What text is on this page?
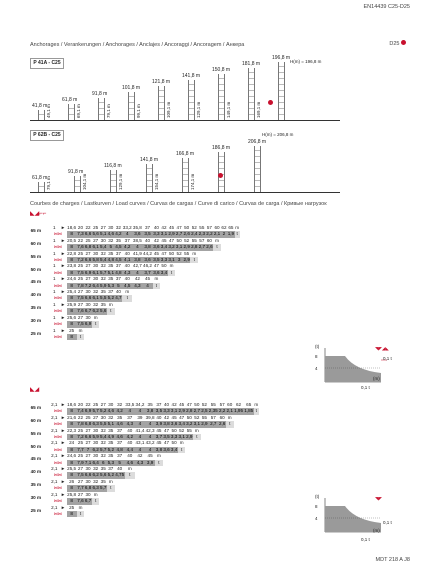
EN14439 C25-D25
Anchorages / Verankerungen / Anchorages / Anclajes / Ancoraggi / Ancoragem / Анкера	D25
P 41A - C25
41,8 m
49,1 m
61,8 m
69,1 m
91,8 m
79,1 m
101,8 m
99,1 m
121,8 m
109,1 m
141,8 m
129,1 m
150,8 m
149,1 m
181,8 m
169,1 m
196,8 m
H(m) = 196,8 m
P 62B - C25
61,8 m
79,1 m
91,8 m
104,1 m
116,8 m
129,1 m
141,8 m
154,1 m
166,8 m
174,1 m
186,8 m
206,8 m
H(m) = 206,8 m
Courbes de charges / Lastkurven / Load curves / Curvas de cargas / Curve di carico / Curvas de carga / Кривые нагрузок
◣◢⌐⌐
65 m	1	►	18,6	20	22	25	27	30	32	33,2	35,8	37	40	42	45	47	50	52	55	57	60	62	65	m
	⋈⋈		8	7,3	6,6	5,6	5,1	4,6	4,2	4	3,6	3,5	3,3	3,1	2,9	2,7	2,6	2,4	2,3	2,2	2,1	2	1,9	t
60 m	1	►	20,5	22	25	27	30	32	35	37	38,5	40	42	45	47	50	52	55	57	60	m			
	⋈⋈		8	7,6	6,8	6,1	5,4	5	4,5	4,2	4	3,8	3,6	3,4	3,2	3,1	2,9	2,8	2,7	2,6	t			
55 m	1	►	22,8	25	27	30	32	35	37	40	41,9	44,2	45	47	50	52	55	m						
	⋈⋈		8	7,2	6,6	5,8	5,4	4,8	4,5	4,1	3,8	3,6	3,5	3,3	3,1	3	2,9	t						
50 m	1	►	23,8	25	27	30	32	35	37	40	42,7	46,2	47	50	m									
	⋈⋈		8	7,5	6,9	6,1	5,7	5,1	4,8	4,3	4	3,7	3,6	3,4	t									
45 m	1	►	24,6	25	27	30	32	35	37	40	42	45	m											
	⋈⋈		8	7,8	7,2	6,4	5,9	5,3	5	4,5	4,3	4	t											
40 m	1	►	25,4	27	30	32	35	37	40	m														
	⋈⋈		8	7,5	6,6	6,1	5,5	5,2	4,7	t														
35 m	1	►	25,9	27	30	32	35	m																
	⋈⋈		8	7,6	6,7	6,2	5,6	t																
30 m	1	►	25,6	27	30	m																		
	⋈⋈		8	7,5	6,9	t																		
25 m	1	►	25	m																				
	⋈⋈		8	t																				
◣◢
65 m	2,1	►	18,6	20	22	25	27	30	32	33,5	34,2	35	37	40	42	45	47	50	52	55	57	60	62	65	m
	⋈⋈		8	7,4	6,9	5,7	5,2	4,6	4,2	4	4	3,8	3,5	3,3	3,1	2,9	2,8	2,7	2,5	2,35	2,2	2,1	1,95	1,85	t
60 m	2,1	►	21,6	22	25	27	30	32	35	37	39	39,8	40	42	45	47	50	52	55	57	60	m			
	⋈⋈		8	7,8	6,8	6,3	5,5	5,1	4,6	4,3	4	4	3,9	3,8	3,6	3,4	3,2	3,1	2,9	2,7	2,6	t			
55 m	2,1	►	22,3	25	27	30	32	35	37	40	41,4	42,3	45	47	50	52	55	m							
	⋈⋈		8	7,2	6,6	5,9	5,4	4,9	4,6	4,2	4	4	3,7	3,5	3,3	3,1	2,9	t							
50 m	2,1	►	24	25	27	30	32	35	37	40	43,1	43,2	45	47	50	m									
	⋈⋈		8	7,7	7	6,2	5,7	5,2	4,8	4,4	4	4	3,8	3,6	3,4	t									
45 m	2,1	►	24,6	25	27	30	32	35	37	40	42	45	m												
	⋈⋈		8	7,9	7,1	6,4	6	5,3	5	4,6	4,3	3,9	t												
40 m	2,1	►	25,5	27	30	32	35	37	40	m															
	⋈⋈		8	7,5	6,6	6,2	5,6	5,2	4,75	t															
35 m	2,1	►	26	27	30	32	35	m																	
	⋈⋈		8	7,7	6,8	6,3	5,7	t																	
30 m	2,1	►	25,8	27	30	m																			
	⋈⋈		8	7,6	6,7	t																			
25 m	2,1	►	25	m																					
	⋈⋈		8	t																					
(t)
8
4
◥◤◢◣
0,1 t
(m)
0,1 t
(t)
8
4
◥◤
0,1 t
(m)
0,1 t
MDT 218 A J8
